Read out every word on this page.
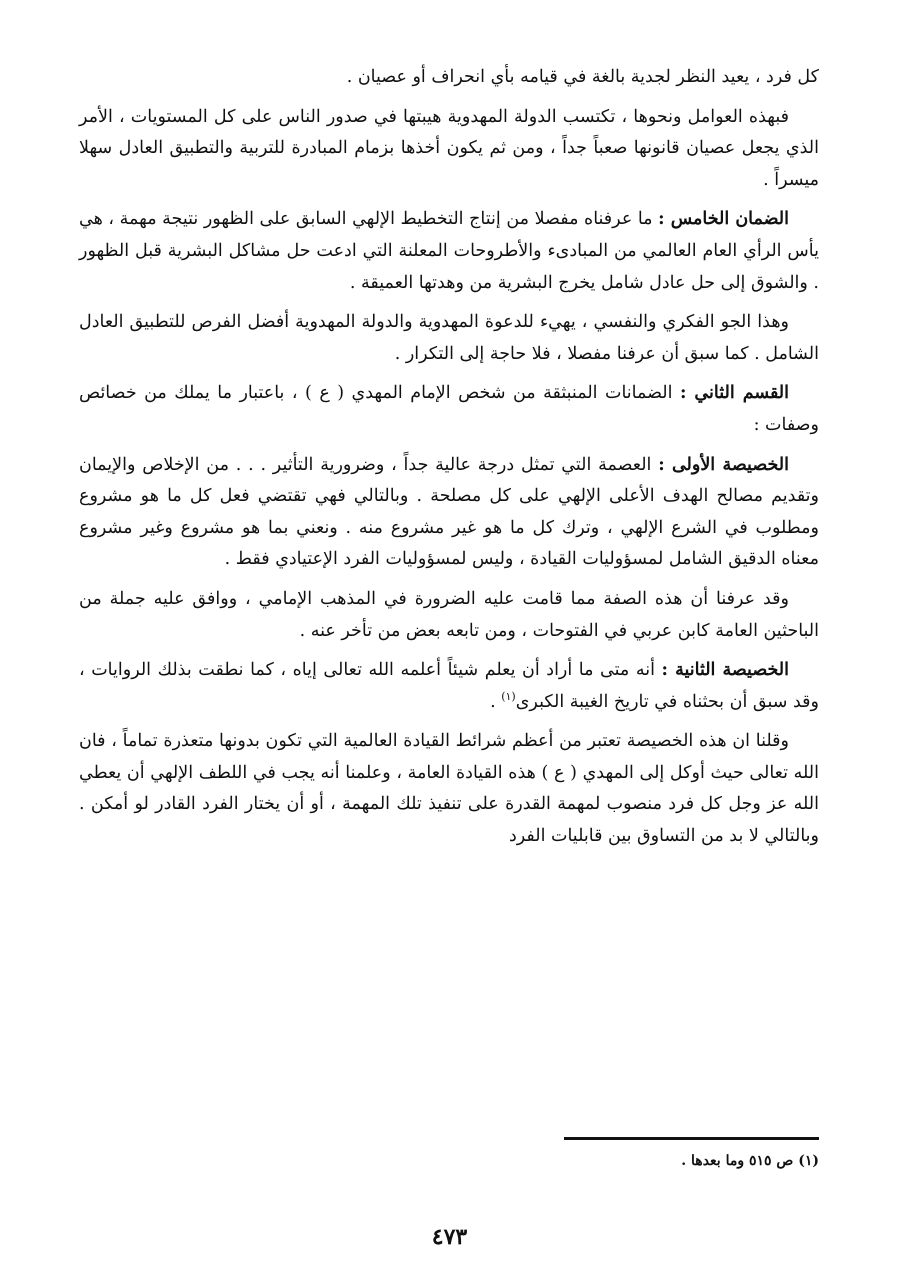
كل فرد ، يعيد النظر لجدية بالغة في قيامه بأي انحراف أو عصيان .

فبهذه العوامل ونحوها ، تكتسب الدولة المهدوية هيبتها في صدور الناس على كل المستويات ، الأمر الذي يجعل عصيان قانونها صعباً جداً ، ومن ثم يكون أخذها بزمام المبادرة للتربية والتطبيق العادل سهلا ميسراً .

الضمان الخامس : ما عرفناه مفصلا من إنتاج التخطيط الإلهي السابق على الظهور نتيجة مهمة ، هي يأس الرأي العام العالمي من المبادىء والأطروحات المعلنة التي ادعت حل مشاكل البشرية قبل الظهور . والشوق إلى حل عادل شامل يخرج البشرية من وهدتها العميقة .

وهذا الجو الفكري والنفسي ، يهيء للدعوة المهدوية والدولة المهدوية أفضل الفرص للتطبيق العادل الشامل . كما سبق أن عرفنا مفصلا ، فلا حاجة إلى التكرار .

القسم الثاني : الضمانات المنبثقة من شخص الإمام المهدي ( ع ) ، باعتبار ما يملك من خصائص وصفات :

الخصيصة الأولى : العصمة التي تمثل درجة عالية جداً ، وضرورية التأثير . . . من الإخلاص والإيمان وتقديم مصالح الهدف الأعلى الإلهي على كل مصلحة . وبالتالي فهي تقتضي فعل كل ما هو مشروع ومطلوب في الشرع الإلهي ، وترك كل ما هو غير مشروع منه . ونعني بما هو مشروع وغير مشروع معناه الدقيق الشامل لمسؤوليات القيادة ، وليس لمسؤوليات الفرد الإعتيادي فقط .

وقد عرفنا أن هذه الصفة مما قامت عليه الضرورة في المذهب الإمامي ، ووافق عليه جملة من الباحثين العامة كابن عربي في الفتوحات ، ومن تابعه بعض من تأخر عنه .

الخصيصة الثانية : أنه متى ما أراد أن يعلم شيئاً أعلمه الله تعالى إياه ، كما نطقت بذلك الروايات ، وقد سبق أن بحثناه في تاريخ الغيبة الكبرى$^{(١)}$ .

وقلنا ان هذه الخصيصة تعتبر من أعظم شرائط القيادة العالمية التي تكون بدونها متعذرة تماماً ، فان الله تعالى حيث أوكل إلى المهدي ( ع ) هذه القيادة العامة ، وعلمنا أنه يجب في اللطف الإلهي أن يعطي الله عز وجل كل فرد منصوب لمهمة القدرة على تنفيذ تلك المهمة ، أو أن يختار الفرد القادر لو أمكن . وبالتالي لا بد من التساوق بين قابليات الفرد

(١) ص ٥١٥ وما بعدها .
٤٧٣
